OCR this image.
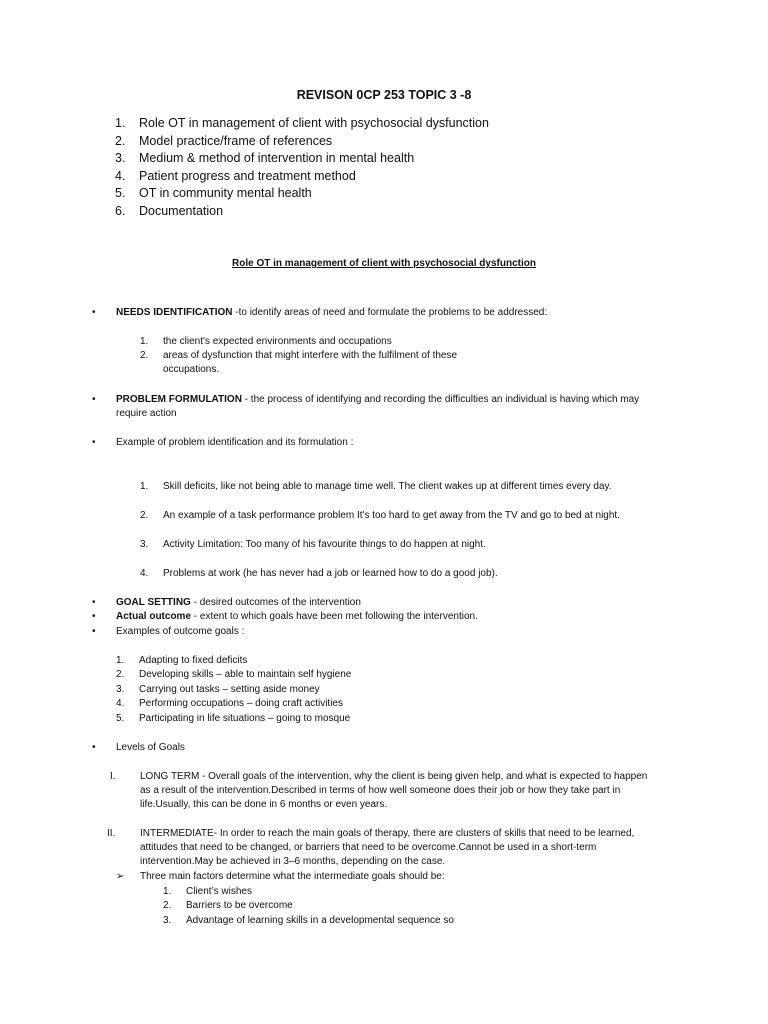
REVISON 0CP 253 TOPIC 3 -8
1. Role OT in management of client with psychosocial dysfunction
2. Model practice/frame of references
3. Medium & method of intervention in mental health
4. Patient progress and treatment method
5. OT in community mental health
6. Documentation
Role OT in management of client with psychosocial dysfunction
• NEEDS IDENTIFICATION -to identify areas of need and formulate the problems to be addressed:
1. the client's expected environments and occupations
2. areas of dysfunction that might interfere with the fulfilment of these
occupations.
• PROBLEM FORMULATION - the process of identifying and recording the difficulties an individual is having which may
require action
• Example of problem identification and its formulation :
1. Skill deficits, like not being able to manage time well. The client wakes up at different times every day.
2. An example of a task performance problem It's too hard to get away from the TV and go to bed at night.
3. Activity Limitation: Too many of his favourite things to do happen at night.
4. Problems at work (he has never had a job or learned how to do a good job).
• GOAL SETTING - desired outcomes of the intervention
• Actual outcome - extent to which goals have been met following the intervention.
• Examples of outcome goals :
1. Adapting to fixed deficits
2. Developing skills – able to maintain self hygiene
3. Carrying out tasks – setting aside money
4. Performing occupations – doing craft activities
5. Participating in life situations – going to mosque
• Levels of Goals
I. LONG TERM - Overall goals of the intervention, why the client is being given help, and what is expected to happen
as a result of the intervention.Described in terms of how well someone does their job or how they take part in
life.Usually, this can be done in 6 months or even years.
II. INTERMEDIATE- In order to reach the main goals of therapy, there are clusters of skills that need to be learned,
attitudes that need to be changed, or barriers that need to be overcome.Cannot be used in a short-term
intervention.May be achieved in 3–6 months, depending on the case.
➢ Three main factors determine what the intermediate goals should be:
1. Client’s wishes
2. Barriers to be overcome
3. Advantage of learning skills in a developmental sequence so
